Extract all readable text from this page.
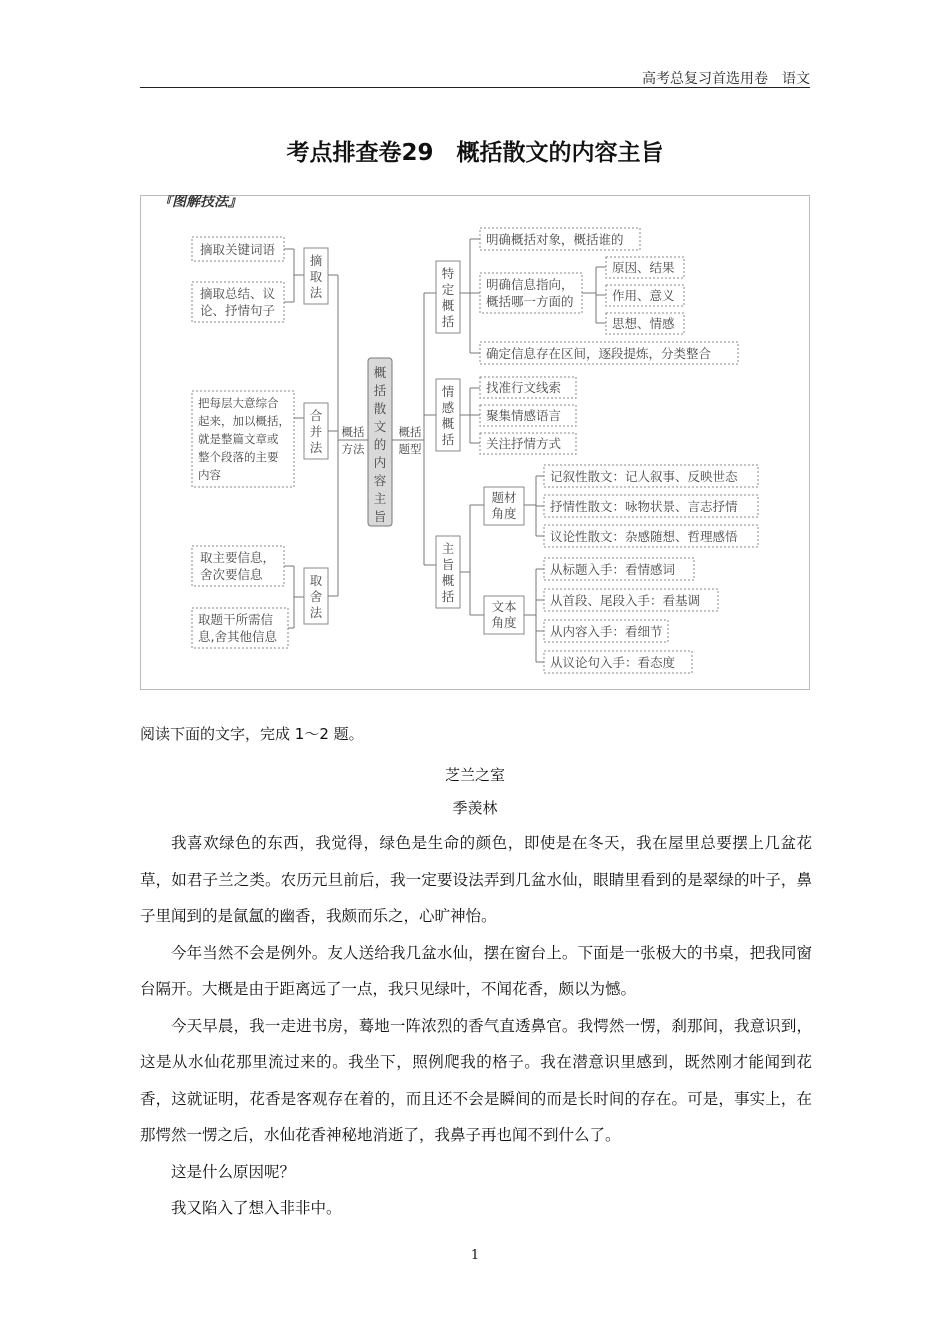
高考总复习首选用卷　语文
考点排查卷29　概括散文的内容主旨
『图解技法』
摘取关键词语
摘取总结、议
论、抒情句子
把每层大意综合
起来，加以概括，
就是整篇文章或
整个段落的主要
内容
取主要信息，
舍次要信息
取题干所需信
息,舍其他信息
摘
取
法
合
并
法
取
舍
法
概括
方法
概
括
散
文
的
内
容
主
旨
概括
题型
特
定
概
括
情
感
概
括
主
旨
概
括
明确概括对象，概括谁的
明确信息指向，
概括哪一方面的
确定信息存在区间，逐段提炼，分类整合
原因、结果
作用、意义
思想、情感
找准行文线索
聚集情感语言
关注抒情方式
题材
角度
文本
角度
记叙性散文：记人叙事、反映世态
抒情性散文：咏物状景、言志抒情
议论性散文：杂感随想、哲理感悟
从标题入手：看情感词
从首段、尾段入手：看基调
从内容入手：看细节
从议论句入手：看态度
阅读下面的文字，完成 1～2 题。
芝兰之室
季羡林

我喜欢绿色的东西，我觉得，绿色是生命的颜色，即使是在冬天，我在屋里总要摆上几盆花草，如君子兰之类。农历元旦前后，我一定要设法弄到几盆水仙，眼睛里看到的是翠绿的叶子，鼻子里闻到的是氤氲的幽香，我颇而乐之，心旷神怡。

今年当然不会是例外。友人送给我几盆水仙，摆在窗台上。下面是一张极大的书桌，把我同窗台隔开。大概是由于距离远了一点，我只见绿叶，不闻花香，颇以为憾。

今天早晨，我一走进书房，蓦地一阵浓烈的香气直透鼻官。我愕然一愣，刹那间，我意识到，这是从水仙花那里流过来的。我坐下，照例爬我的格子。我在潜意识里感到，既然刚才能闻到花香，这就证明，花香是客观存在着的，而且还不会是瞬间的而是长时间的存在。可是，事实上，在那愕然一愣之后，水仙花香神秘地消逝了，我鼻子再也闻不到什么了。

这是什么原因呢？

我又陷入了想入非非中。

1
